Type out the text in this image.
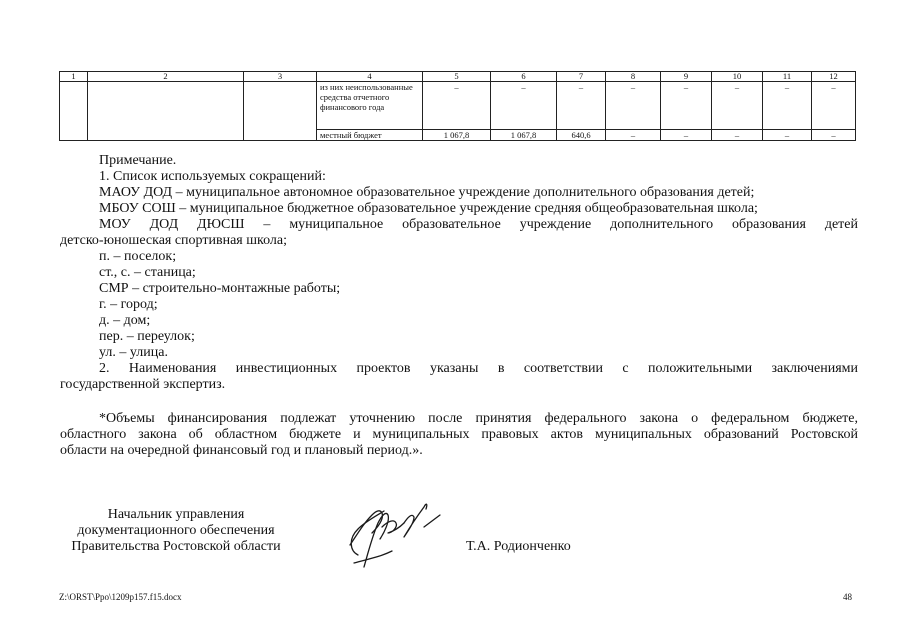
1	2	3	4	5	6	7	8	9	10	11	12
			из них неиспользованные средства отчетного финансового года	–	–	–	–	–	–	–	–
			местный бюджет	1 067,8	1 067,8	640,6	–	–	–	–	–

Примечание.

1. Список используемых сокращений:

МАОУ ДОД – муниципальное автономное образовательное учреждение дополнительного образования детей;

МБОУ СОШ – муниципальное бюджетное образовательное учреждение средняя общеобразовательная школа;

МОУ ДОД ДЮСШ – муниципальное образовательное учреждение дополнительного образования детей

детско-юношеская спортивная школа;

п. – поселок;

ст., с. – станица;

СМР – строительно-монтажные работы;

г. – город;

д. – дом;

пер. – переулок;

ул. – улица.

2. Наименования инвестиционных проектов указаны в соответствии с положительными заключениями

государственной экспертиз.

*Объемы финансирования подлежат уточнению после принятия федерального закона о федеральном бюджете,

областного закона об областном бюджете и муниципальных правовых актов муниципальных образований Ростовской

области на очередной финансовый год и плановый период.».

Начальник управления
документационного обеспечения
Правительства Ростовской области	Т.А. Родионченко
Z:\ORST\Ppo\1209p157.f15.docx	48
